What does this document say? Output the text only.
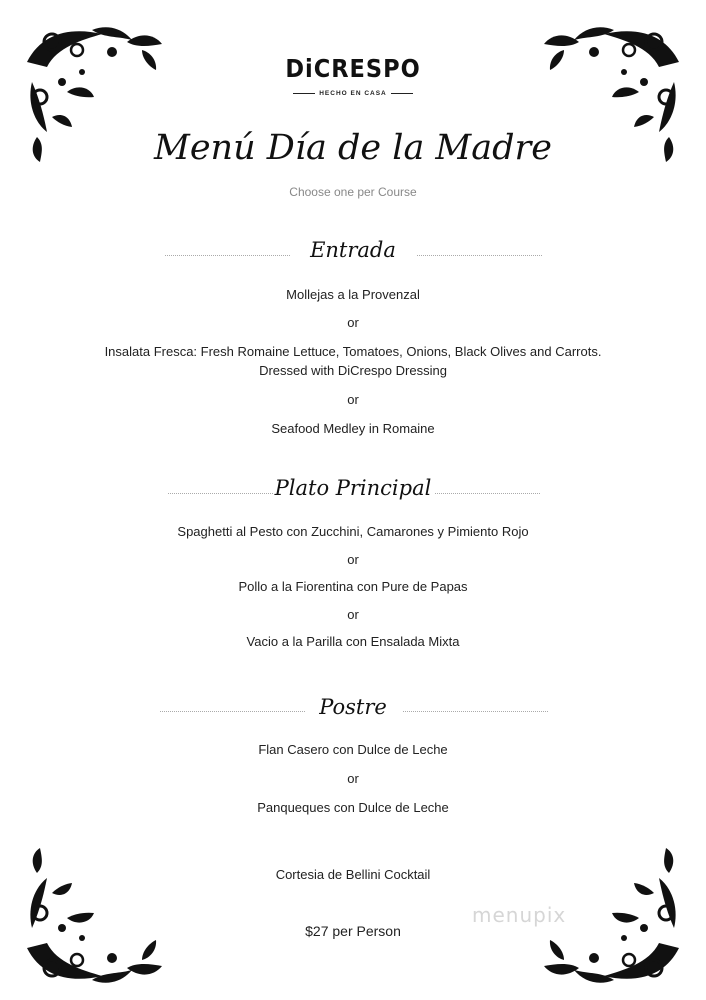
DiCRESPO
HECHO EN CASA
Menú Día de la Madre
Choose one per Course
Entrada
Mollejas a la Provenzal
or
Insalata Fresca: Fresh Romaine Lettuce, Tomatoes, Onions, Black Olives and Carrots.
Dressed with DiCrespo Dressing
or
Seafood Medley in Romaine
Plato Principal
Spaghetti al Pesto con Zucchini, Camarones y Pimiento Rojo
or
Pollo a la Fiorentina con Pure de Papas
or
Vacio a la Parilla con Ensalada Mixta
Postre
Flan Casero con Dulce de Leche
or
Panqueques con Dulce de Leche
Cortesia de Bellini Cocktail
$27 per Person
menupix
